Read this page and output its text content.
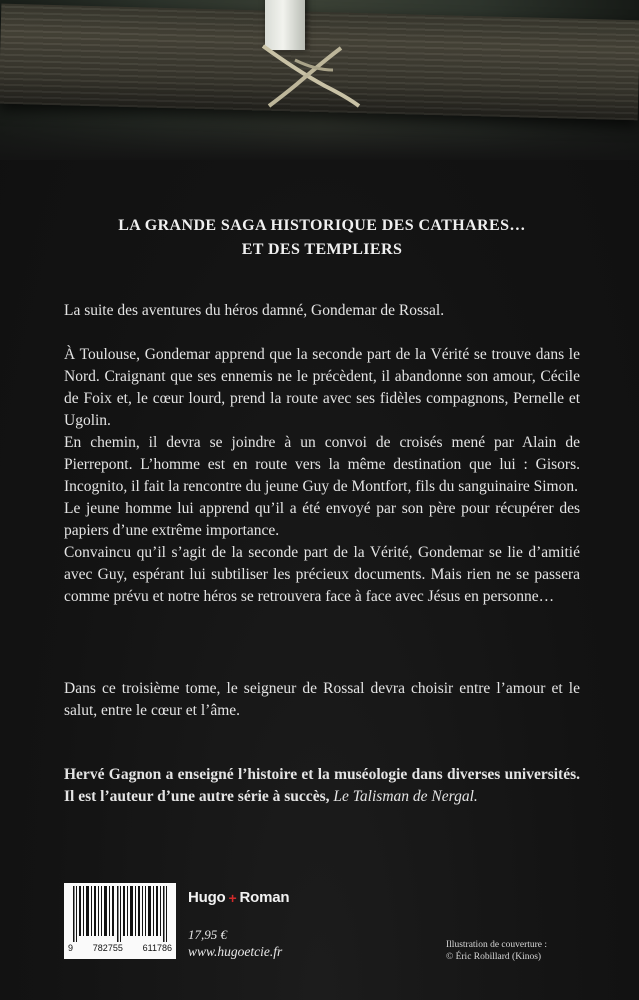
LA GRANDE SAGA HISTORIQUE DES CATHARES…
ET DES TEMPLIERS

La suite des aventures du héros damné, Gondemar de Rossal.

À Toulouse, Gondemar apprend que la seconde part de la Vérité se trouve dans le Nord. Craignant que ses ennemis ne le précèdent, il abandonne son amour, Cécile de Foix et, le cœur lourd, prend la route avec ses fidèles compagnons, Pernelle et Ugolin.

En chemin, il devra se joindre à un convoi de croisés mené par Alain de Pierrepont. L’homme est en route vers la même destination que lui : Gisors. Incognito, il fait la rencontre du jeune Guy de Montfort, fils du sanguinaire Simon.

Le jeune homme lui apprend qu’il a été envoyé par son père pour récupérer des papiers d’une extrême importance.

Convaincu qu’il s’agit de la seconde part de la Vérité, Gondemar se lie d’amitié avec Guy, espérant lui subtiliser les précieux documents. Mais rien ne se passera comme prévu et notre héros se retrouvera face à face avec Jésus en personne…

Dans ce troisième tome, le seigneur de Rossal devra choisir entre l’amour et le salut, entre le cœur et l’âme.

Hervé Gagnon a enseigné l’histoire et la muséologie dans diverses universités. Il est l’auteur d’une autre série à succès, Le Talisman de Nergal.

9 782755 611786
Hugo + Roman
17,95 €
www.hugoetcie.fr	Illustration de couverture :
© Éric Robillard (Kinos)
